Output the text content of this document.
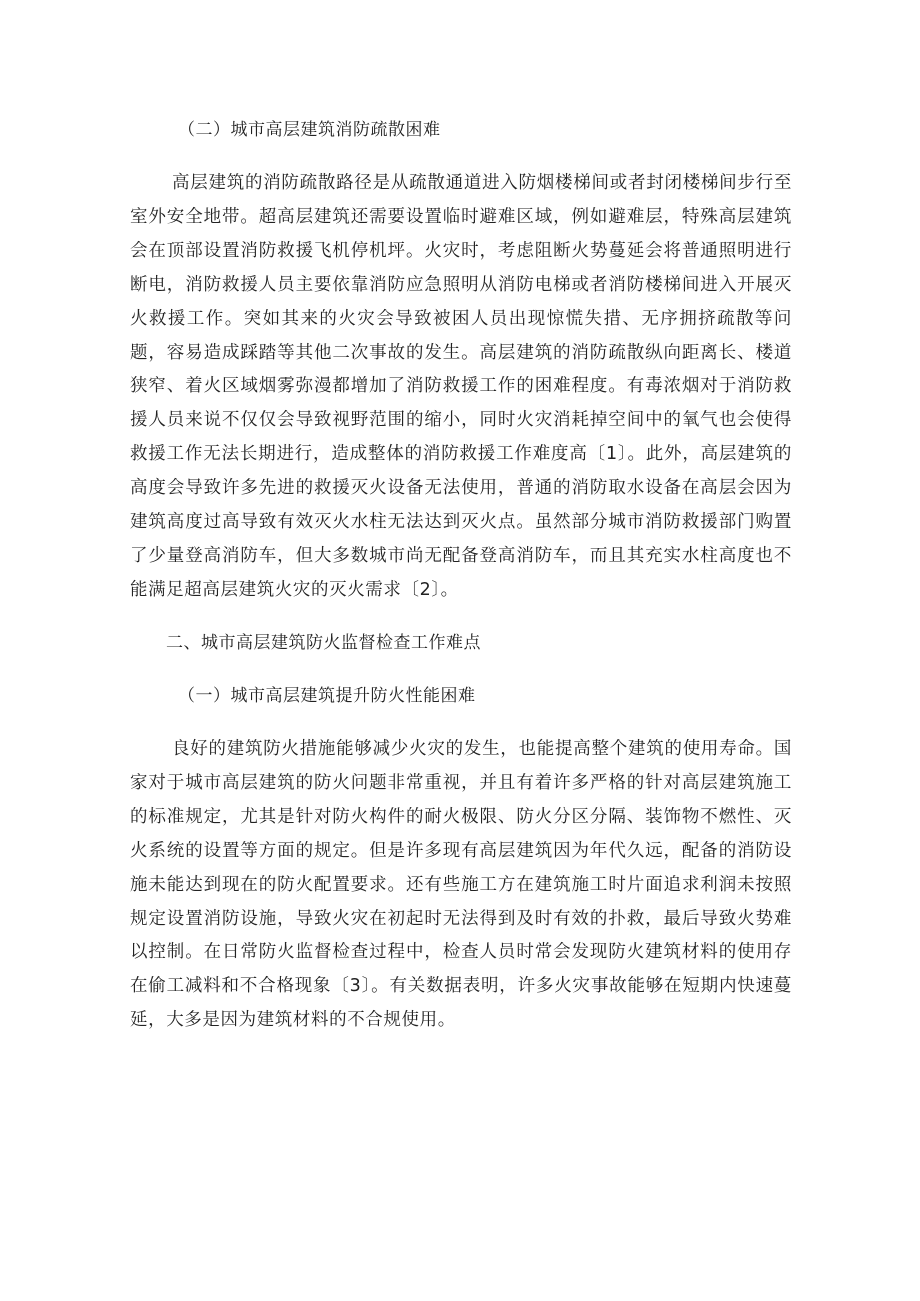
（二）城市高层建筑消防疏散困难

高层建筑的消防疏散路径是从疏散通道进入防烟楼梯间或者封闭楼梯间步行至室外安全地带。超高层建筑还需要设置临时避难区域，例如避难层，特殊高层建筑会在顶部设置消防救援飞机停机坪。火灾时，考虑阻断火势蔓延会将普通照明进行断电，消防救援人员主要依靠消防应急照明从消防电梯或者消防楼梯间进入开展灭火救援工作。突如其来的火灾会导致被困人员出现惊慌失措、无序拥挤疏散等问题，容易造成踩踏等其他二次事故的发生。高层建筑的消防疏散纵向距离长、楼道狭窄、着火区域烟雾弥漫都增加了消防救援工作的困难程度。有毒浓烟对于消防救援人员来说不仅仅会导致视野范围的缩小，同时火灾消耗掉空间中的氧气也会使得救援工作无法长期进行，造成整体的消防救援工作难度高〔1〕。此外，高层建筑的高度会导致许多先进的救援灭火设备无法使用，普通的消防取水设备在高层会因为建筑高度过高导致有效灭火水柱无法达到灭火点。虽然部分城市消防救援部门购置了少量登高消防车，但大多数城市尚无配备登高消防车，而且其充实水柱高度也不能满足超高层建筑火灾的灭火需求〔2〕。

二、城市高层建筑防火监督检查工作难点
（一）城市高层建筑提升防火性能困难

良好的建筑防火措施能够减少火灾的发生，也能提高整个建筑的使用寿命。国家对于城市高层建筑的防火问题非常重视，并且有着许多严格的针对高层建筑施工的标准规定，尤其是针对防火构件的耐火极限、防火分区分隔、装饰物不燃性、灭火系统的设置等方面的规定。但是许多现有高层建筑因为年代久远，配备的消防设施未能达到现在的防火配置要求。还有些施工方在建筑施工时片面追求利润未按照规定设置消防设施，导致火灾在初起时无法得到及时有效的扑救，最后导致火势难以控制。在日常防火监督检查过程中，检查人员时常会发现防火建筑材料的使用存在偷工减料和不合格现象〔3〕。有关数据表明，许多火灾事故能够在短期内快速蔓延，大多是因为建筑材料的不合规使用。
